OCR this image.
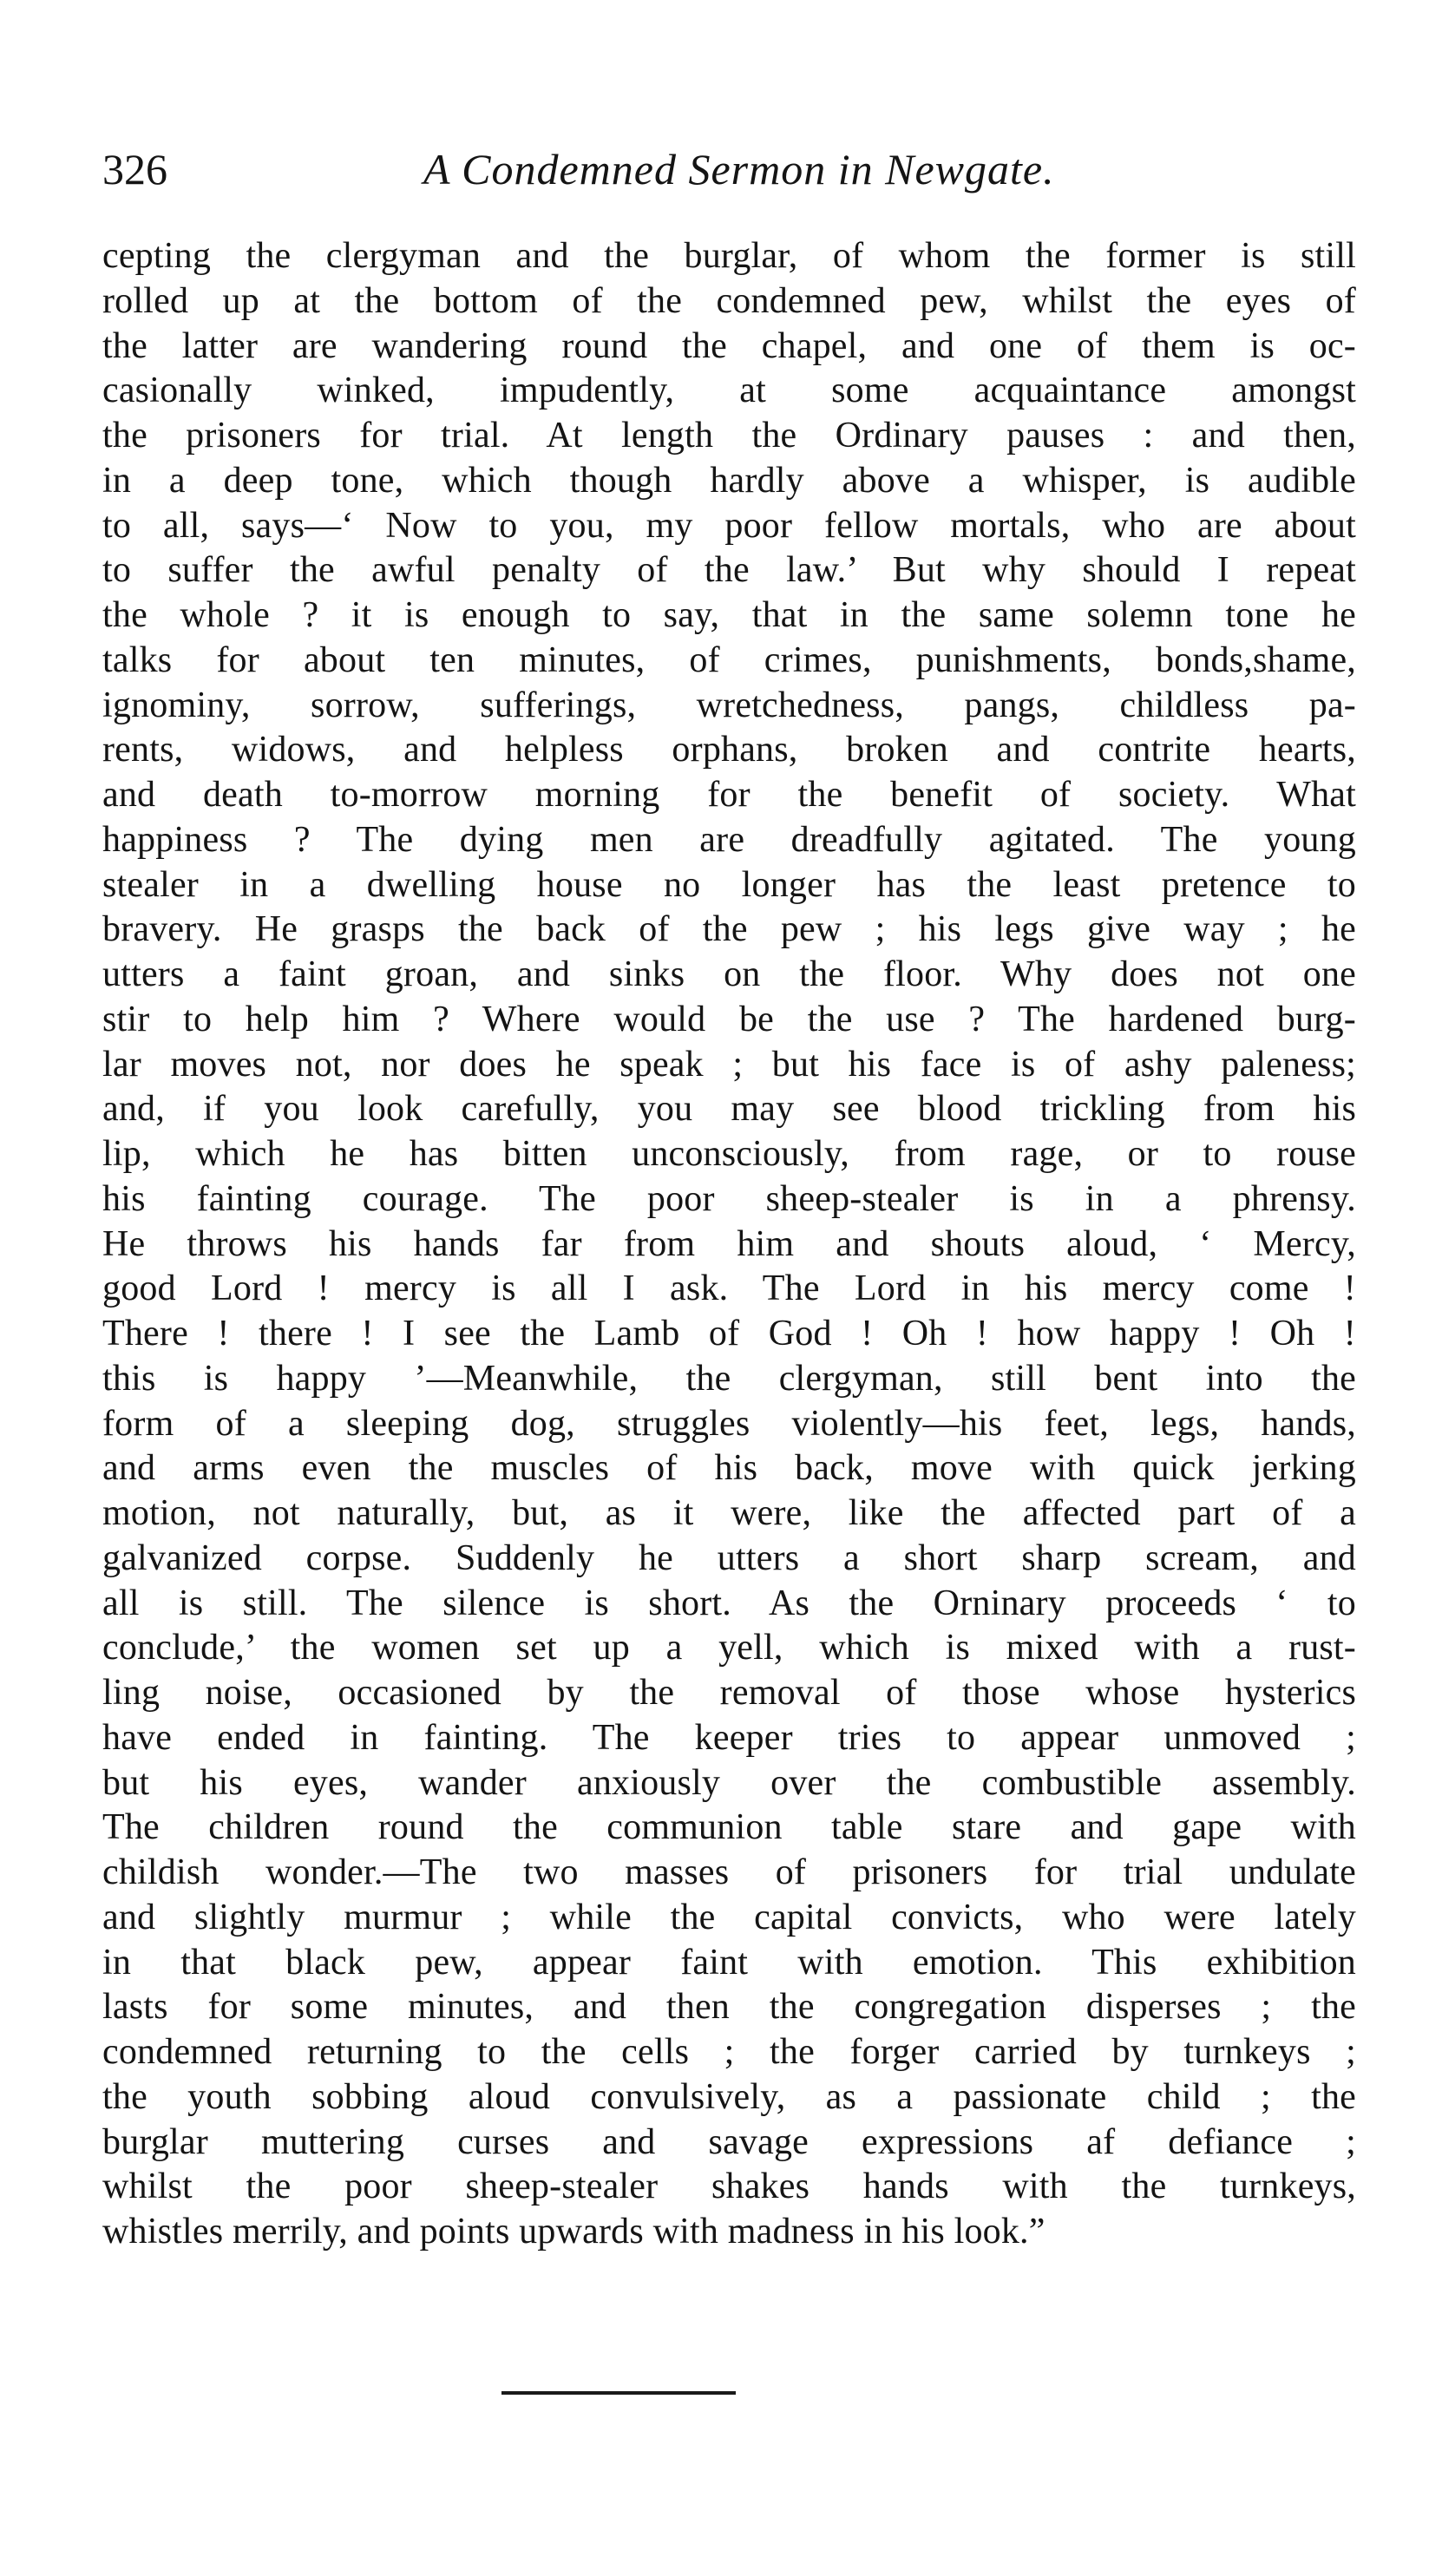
326	A Condemned Sermon in Newgate.
cepting the clergyman and the burglar, of whom the former is still
rolled up at the bottom of the condemned pew, whilst the eyes of
the latter are wandering round the chapel, and one of them is oc-
casionally winked, impudently, at some acquaintance amongst
the prisoners for trial. At length the Ordinary pauses : and then,
in a deep tone, which though hardly above a whisper, is audible
to all, says—‘ Now to you, my poor fellow mortals, who are about
to suffer the awful penalty of the law.’ But why should I repeat
the whole ? it is enough to say, that in the same solemn tone he
talks for about ten minutes, of crimes, punishments, bonds,shame,
ignominy, sorrow, sufferings, wretchedness, pangs, childless pa-
rents, widows, and helpless orphans, broken and contrite hearts,
and death to-morrow morning for the benefit of society. What
happiness ? The dying men are dreadfully agitated. The young
stealer in a dwelling house no longer has the least pretence to
bravery. He grasps the back of the pew ; his legs give way ; he
utters a faint groan, and sinks on the floor. Why does not one
stir to help him ? Where would be the use ? The hardened burg-
lar moves not, nor does he speak ; but his face is of ashy paleness;
and, if you look carefully, you may see blood trickling from his
lip, which he has bitten unconsciously, from rage, or to rouse
his fainting courage. The poor sheep-stealer is in a phrensy.
He throws his hands far from him and shouts aloud, ‘ Mercy,
good Lord ! mercy is all I ask. The Lord in his mercy come !
There ! there ! I see the Lamb of God ! Oh ! how happy ! Oh !
this is happy ’—Meanwhile, the clergyman, still bent into the
form of a sleeping dog, struggles violently—his feet, legs, hands,
and arms even the muscles of his back, move with quick jerking
motion, not naturally, but, as it were, like the affected part of a
galvanized corpse. Suddenly he utters a short sharp scream, and
all is still. The silence is short. As the Orninary proceeds ‘ to
conclude,’ the women set up a yell, which is mixed with a rust-
ling noise, occasioned by the removal of those whose hysterics
have ended in fainting. The keeper tries to appear unmoved ;
but his eyes, wander anxiously over the combustible assembly.
The children round the communion table stare and gape with
childish wonder.—The two masses of prisoners for trial undulate
and slightly murmur ; while the capital convicts, who were lately
in that black pew, appear faint with emotion. This exhibition
lasts for some minutes, and then the congregation disperses ; the
condemned returning to the cells ; the forger carried by turnkeys ;
the youth sobbing aloud convulsively, as a passionate child ; the
burglar muttering curses and savage expressions af defiance ;
whilst the poor sheep-stealer shakes hands with the turnkeys,
whistles merrily, and points upwards with madness in his look.”
